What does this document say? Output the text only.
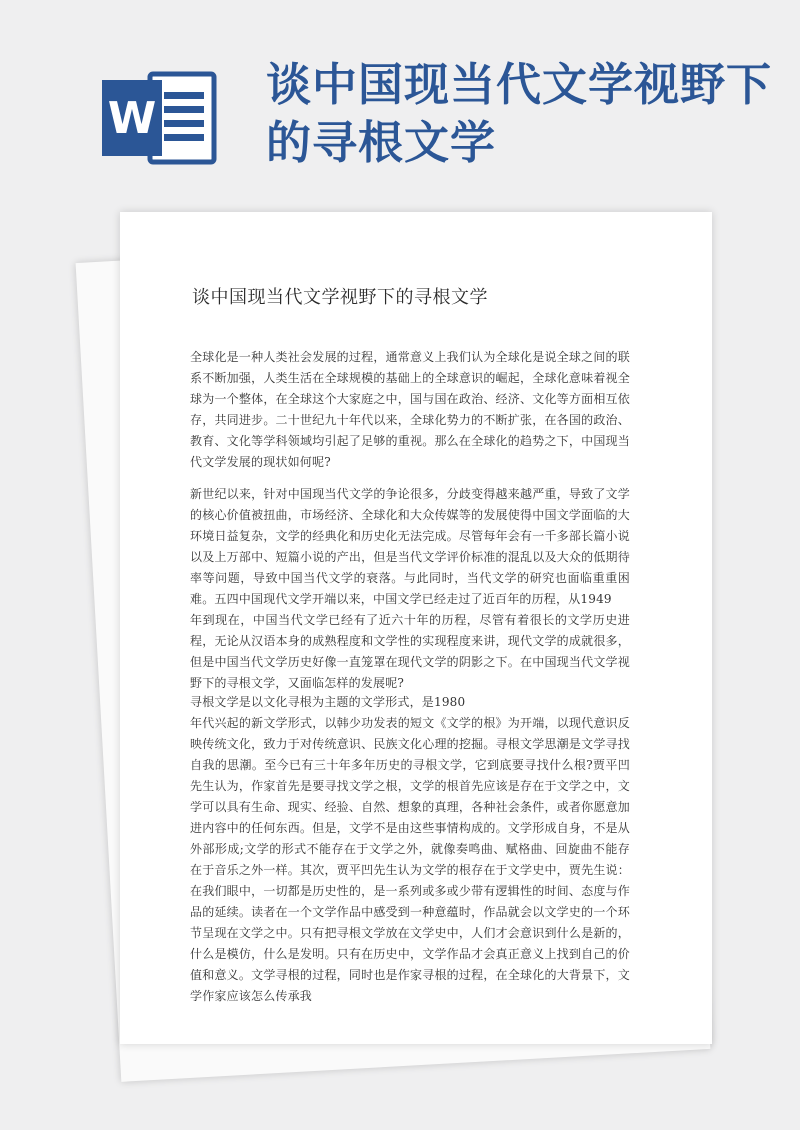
W
谈中国现当代文学视野下的寻根文学
谈中国现当代文学视野下的寻根文学

全球化是一种人类社会发展的过程，通常意义上我们认为全球化是说全球之间的联系不断加强，人类生活在全球规模的基础上的全球意识的崛起，全球化意味着视全球为一个整体，在全球这个大家庭之中，国与国在政治、经济、文化等方面相互依存，共同进步。二十世纪九十年代以来，全球化势力的不断扩张，在各国的政治、教育、文化等学科领域均引起了足够的重视。那么在全球化的趋势之下，中国现当代文学发展的现状如何呢?

新世纪以来，针对中国现当代文学的争论很多，分歧变得越来越严重，导致了文学的核心价值被扭曲，市场经济、全球化和大众传媒等的发展使得中国文学面临的大环境日益复杂，文学的经典化和历史化无法完成。尽管每年会有一千多部长篇小说以及上万部中、短篇小说的产出，但是当代文学评价标准的混乱以及大众的低期待率等问题，导致中国当代文学的衰落。与此同时，当代文学的研究也面临重重困难。五四中国现代文学开端以来，中国文学已经走过了近百年的历程，从1949
年到现在，中国当代文学已经有了近六十年的历程，尽管有着很长的文学历史进程，无论从汉语本身的成熟程度和文学性的实现程度来讲，现代文学的成就很多，但是中国当代文学历史好像一直笼罩在现代文学的阴影之下。在中国现当代文学视野下的寻根文学，又面临怎样的发展呢?

寻根文学是以文化寻根为主题的文学形式，是1980
年代兴起的新文学形式，以韩少功发表的短文《文学的根》为开端，以现代意识反映传统文化，致力于对传统意识、民族文化心理的挖掘。寻根文学思潮是文学寻找自我的思潮。至今已有三十年多年历史的寻根文学，它到底要寻找什么根?贾平凹先生认为，作家首先是要寻找文学之根，文学的根首先应该是存在于文学之中，文学可以具有生命、现实、经验、自然、想象的真理，各种社会条件，或者你愿意加进内容中的任何东西。但是，文学不是由这些事情构成的。文学形成自身，不是从外部形成;文学的形式不能存在于文学之外，就像奏鸣曲、赋格曲、回旋曲不能存在于音乐之外一样。其次，贾平凹先生认为文学的根存在于文学史中，贾先生说：在我们眼中，一切都是历史性的，是一系列或多或少带有逻辑性的时间、态度与作品的延续。读者在一个文学作品中感受到一种意蕴时，作品就会以文学史的一个环节呈现在文学之中。只有把寻根文学放在文学史中，人们才会意识到什么是新的，什么是模仿，什么是发明。只有在历史中，文学作品才会真正意义上找到自己的价值和意义。文学寻根的过程，同时也是作家寻根的过程，在全球化的大背景下，文学作家应该怎么传承我
